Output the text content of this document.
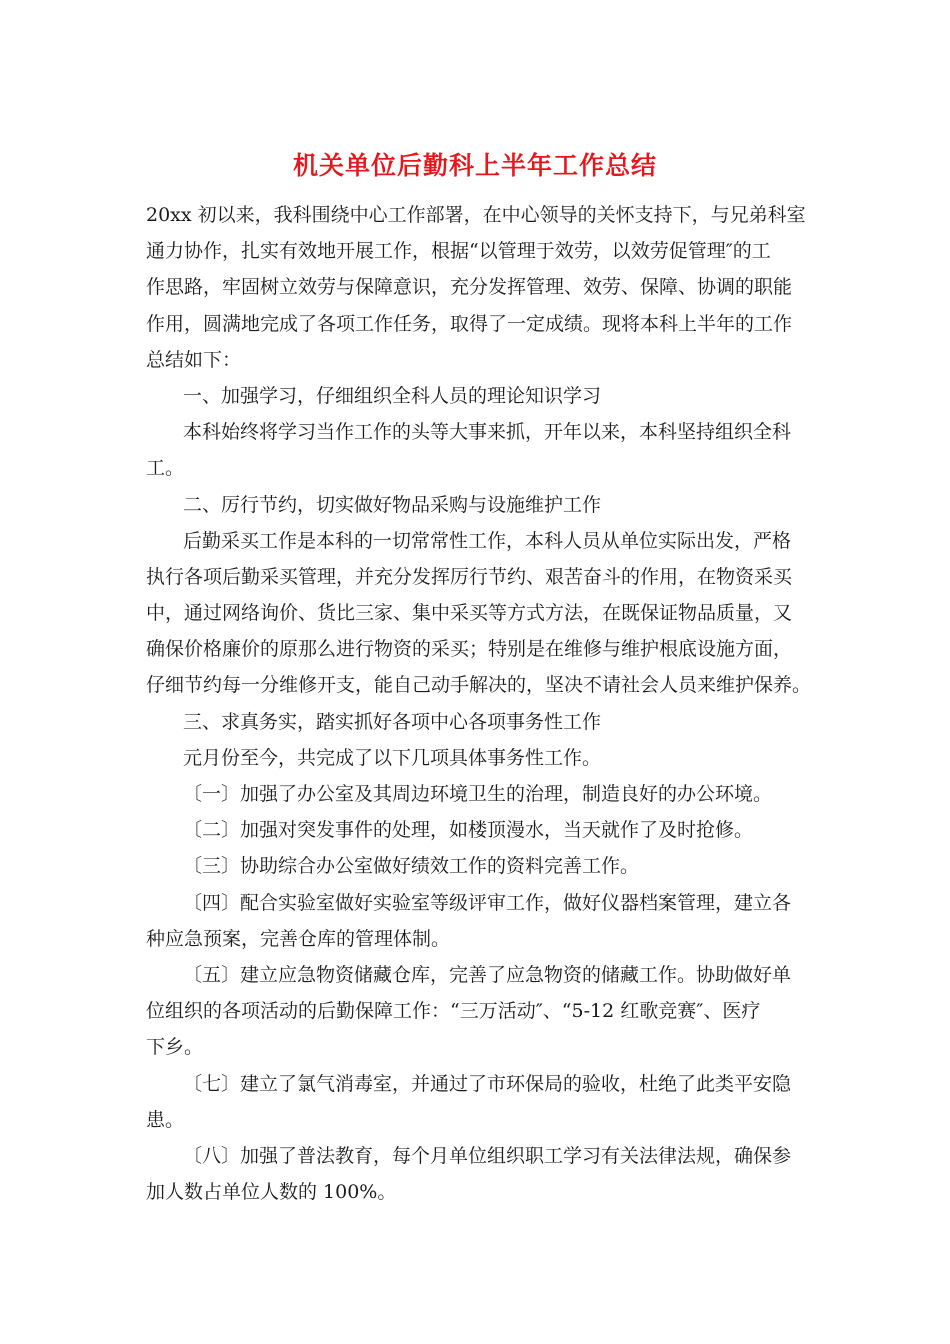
机关单位后勤科上半年工作总结
20xx 初以来，我科围绕中心工作部署，在中心领导的关怀支持下，与兄弟科室
通力协作，扎实有效地开展工作，根据“以管理于效劳，以效劳促管理″的工
作思路，牢固树立效劳与保障意识，充分发挥管理、效劳、保障、协调的职能
作用，圆满地完成了各项工作任务，取得了一定成绩。现将本科上半年的工作
总结如下：
一、加强学习，仔细组织全科人员的理论知识学习
本科始终将学习当作工作的头等大事来抓，开年以来，本科坚持组织全科
工。
二、厉行节约，切实做好物品采购与设施维护工作
后勤采买工作是本科的一切常常性工作，本科人员从单位实际出发，严格
执行各项后勤采买管理，并充分发挥厉行节约、艰苦奋斗的作用，在物资采买
中，通过网络询价、货比三家、集中采买等方式方法，在既保证物品质量，又
确保价格廉价的原那么进行物资的采买；特别是在维修与维护根底设施方面，
仔细节约每一分维修开支，能自己动手解决的，坚决不请社会人员来维护保养。
三、求真务实，踏实抓好各项中心各项事务性工作
元月份至今，共完成了以下几项具体事务性工作。
〔一〕加强了办公室及其周边环境卫生的治理，制造良好的办公环境。
〔二〕加强对突发事件的处理，如楼顶漫水，当天就作了及时抢修。
〔三〕协助综合办公室做好绩效工作的资料完善工作。
〔四〕配合实验室做好实验室等级评审工作，做好仪器档案管理，建立各
种应急预案，完善仓库的管理体制。
〔五〕建立应急物资储藏仓库，完善了应急物资的储藏工作。协助做好单
位组织的各项活动的后勤保障工作：“三万活动″、“5-12 红歌竞赛″、医疗
下乡。
〔七〕建立了氯气消毒室，并通过了市环保局的验收，杜绝了此类平安隐
患。
〔八〕加强了普法教育，每个月单位组织职工学习有关法律法规，确保参
加人数占单位人数的 100%。
